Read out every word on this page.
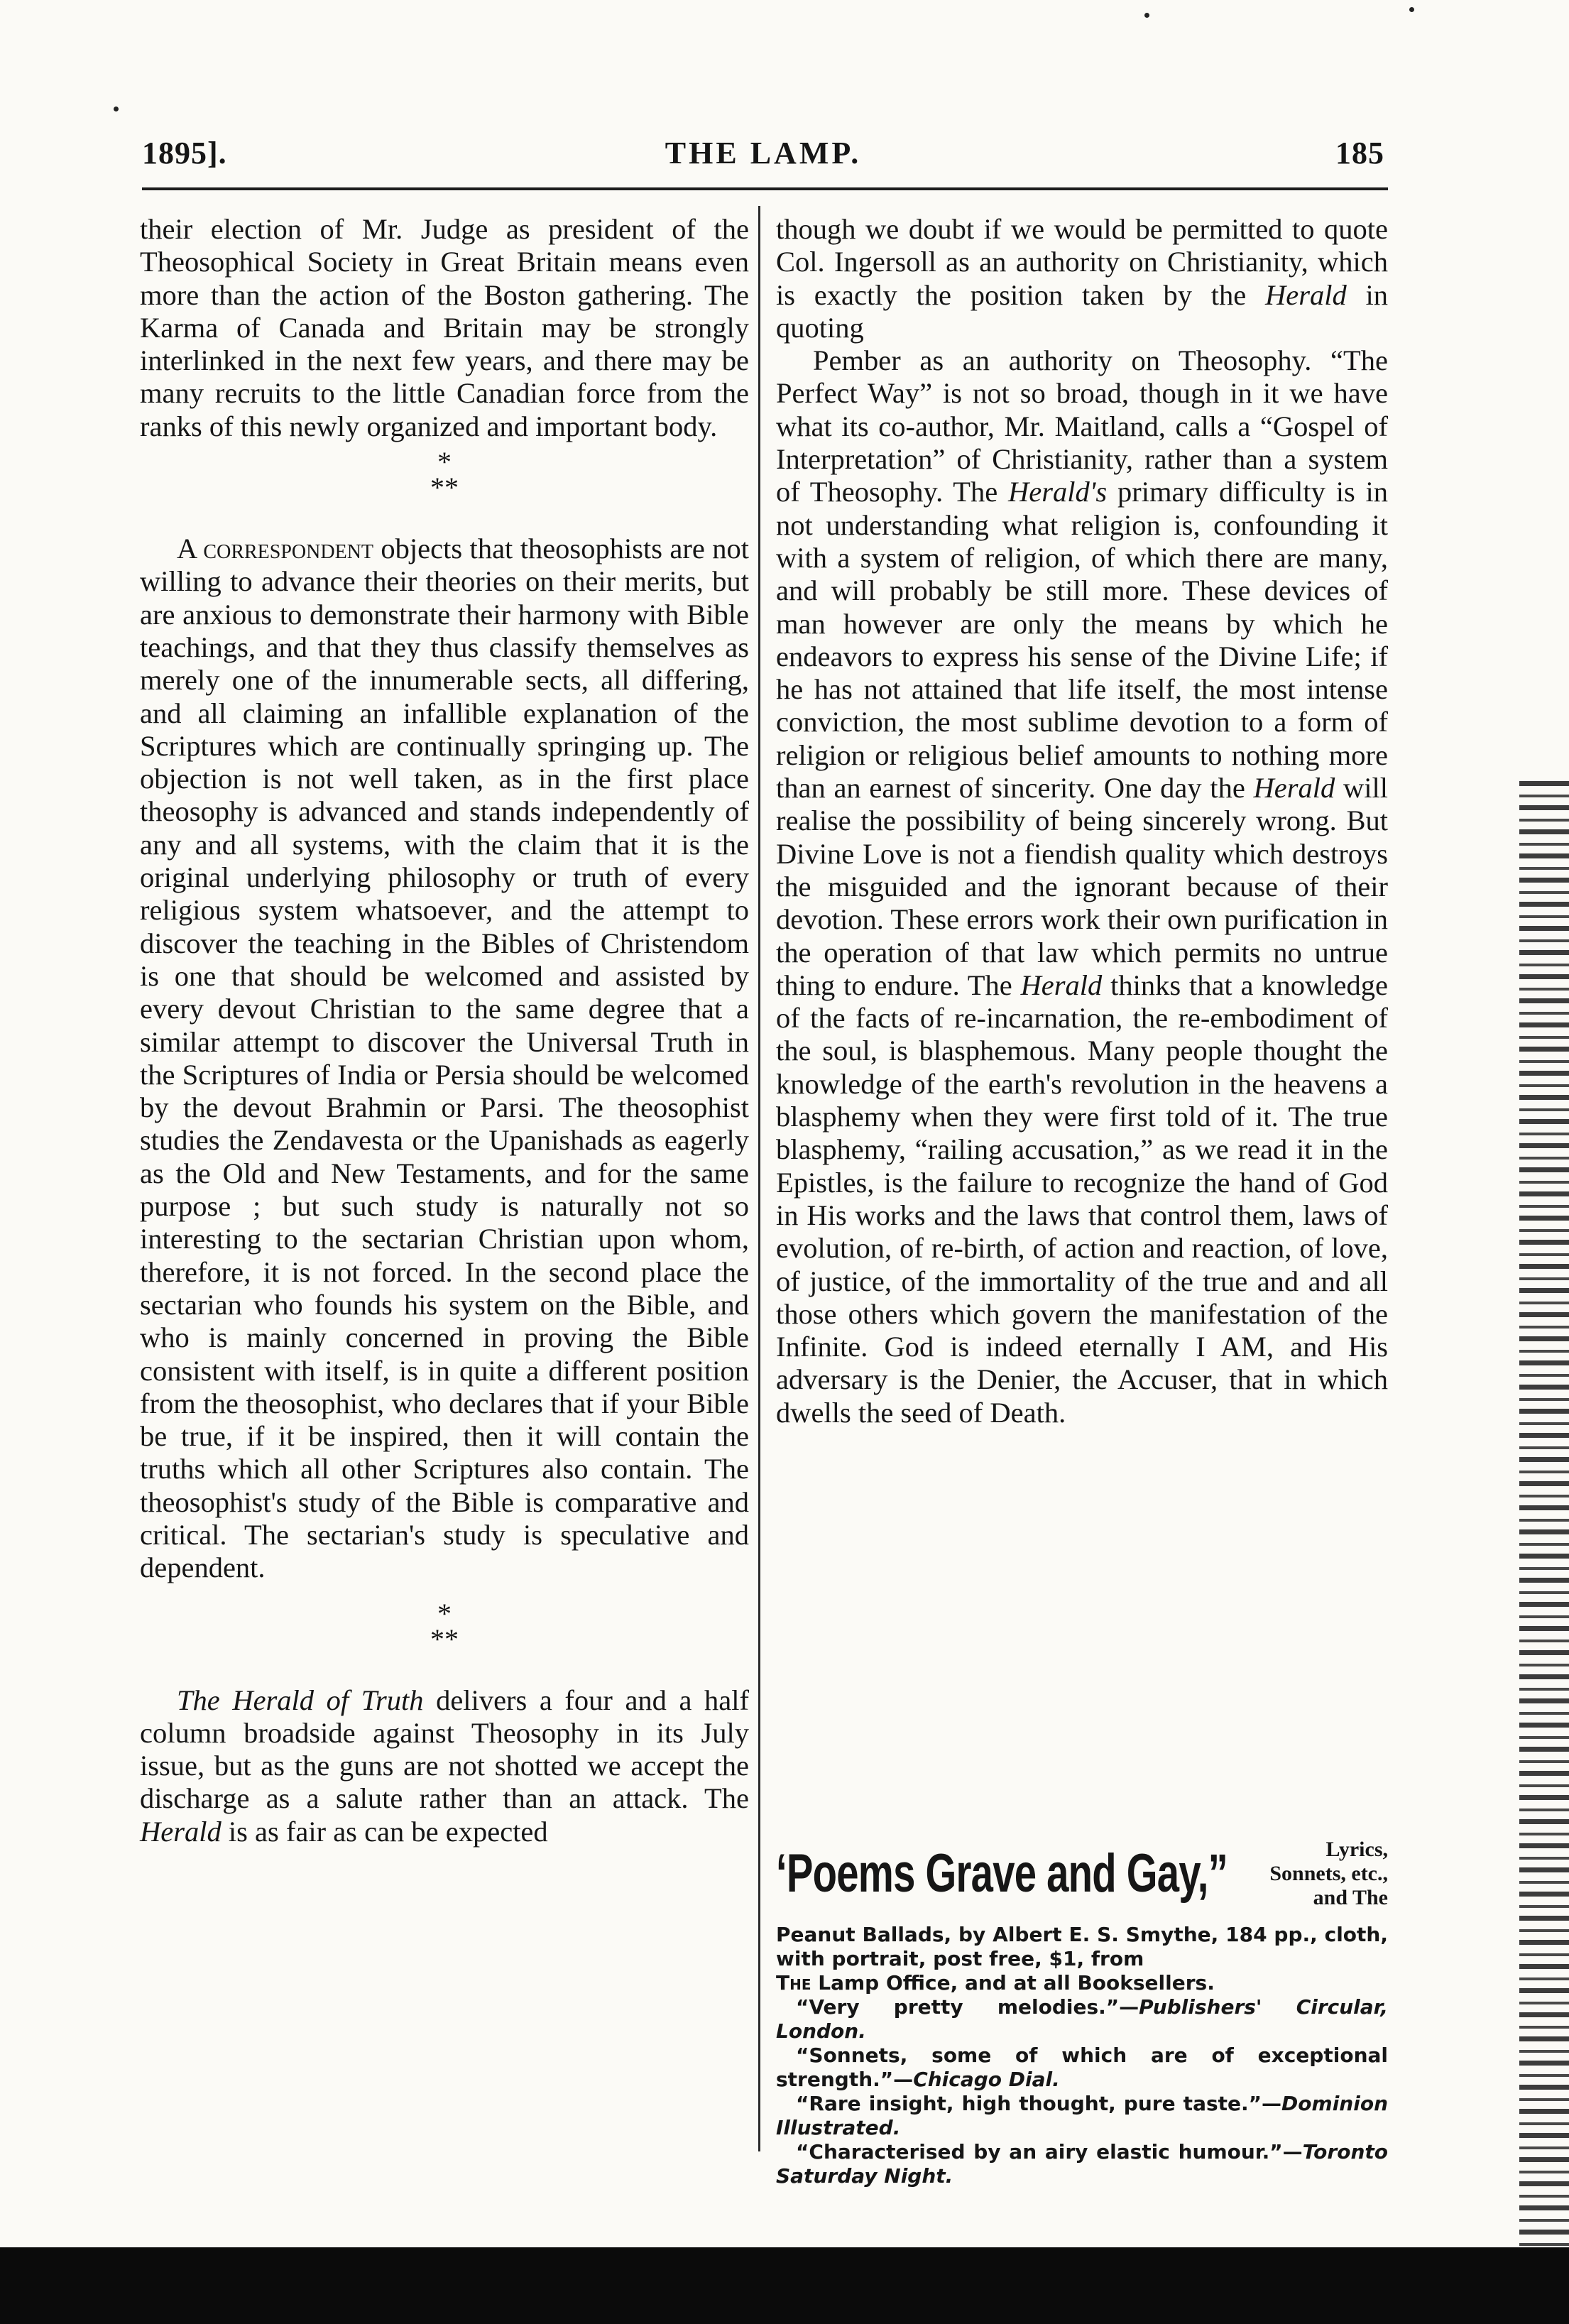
1895].	THE LAMP.	185

their election of Mr. Judge as president of the Theosophical Society in Great Britain means even more than the action of the Boston gathering. The Karma of Canada and Britain may be strongly interlinked in the next few years, and there may be many recruits to the little Canadian force from the ranks of this newly organized and important body.

*
**

A correspondent objects that theosophists are not willing to advance their theories on their merits, but are anxious to demonstrate their harmony with Bible teachings, and that they thus classify themselves as merely one of the innumerable sects, all differing, and all claiming an infallible explanation of the Scriptures which are continually springing up. The objection is not well taken, as in the first place theosophy is advanced and stands independently of any and all systems, with the claim that it is the original underlying philosophy or truth of every religious system whatsoever, and the attempt to discover the teaching in the Bibles of Christendom is one that should be welcomed and assisted by every devout Christian to the same degree that a similar attempt to discover the Universal Truth in the Scriptures of India or Persia should be welcomed by the devout Brahmin or Parsi. The theosophist studies the Zendavesta or the Upanishads as eagerly as the Old and New Testaments, and for the same purpose ; but such study is naturally not so interesting to the sectarian Christian upon whom, therefore, it is not forced. In the second place the sectarian who founds his system on the Bible, and who is mainly concerned in proving the Bible consistent with itself, is in quite a different position from the theosophist, who declares that if your Bible be true, if it be inspired, then it will contain the truths which all other Scriptures also contain. The theosophist's study of the Bible is comparative and critical. The sectarian's study is speculative and dependent.

*
**

The Herald of Truth delivers a four and a half column broadside against Theosophy in its July issue, but as the guns are not shotted we accept the discharge as a salute rather than an attack. The Herald is as fair as can be expected

though we doubt if we would be permitted to quote Col. Ingersoll as an authority on Christianity, which is exactly the position taken by the Herald in quoting

Pember as an authority on Theosophy. “The Perfect Way” is not so broad, though in it we have what its co-author, Mr. Maitland, calls a “Gospel of Interpretation” of Christianity, rather than a system of Theosophy. The Herald's primary difficulty is in not understanding what religion is, confounding it with a system of religion, of which there are many, and will probably be still more. These devices of man however are only the means by which he endeavors to express his sense of the Divine Life; if he has not attained that life itself, the most intense conviction, the most sublime devotion to a form of religion or religious belief amounts to nothing more than an earnest of sincerity. One day the Herald will realise the possibility of being sincerely wrong. But Divine Love is not a fiendish quality which destroys the misguided and the ignorant because of their devotion. These errors work their own purification in the operation of that law which permits no untrue thing to endure. The Herald thinks that a knowledge of the facts of re-incarnation, the re-embodiment of the soul, is blasphemous. Many people thought the knowledge of the earth's revolution in the heavens a blasphemy when they were first told of it. The true blasphemy, “railing accusation,” as we read it in the Epistles, is the failure to recognize the hand of God in His works and the laws that control them, laws of evolution, of re-birth, of action and reaction, of love, of justice, of the immortality of the true and and all those others which govern the manifestation of the Infinite. God is indeed eternally I AM, and His adversary is the Denier, the Accuser, that in which dwells the seed of Death.

‘Poems Grave and Gay,”	Lyrics, Sonnets, etc., and The

Peanut Ballads, by Albert E. S. Smythe, 184 pp., cloth, with portrait, post free, $1, from

The Lamp Office, and at all Booksellers.

“Very pretty melodies.”—Publishers' Circular, London.

“Sonnets, some of which are of exceptional strength.”—Chicago Dial.

“Rare insight, high thought, pure taste.”—Dominion Illustrated.

“Characterised by an airy elastic humour.”—Toronto Saturday Night.
